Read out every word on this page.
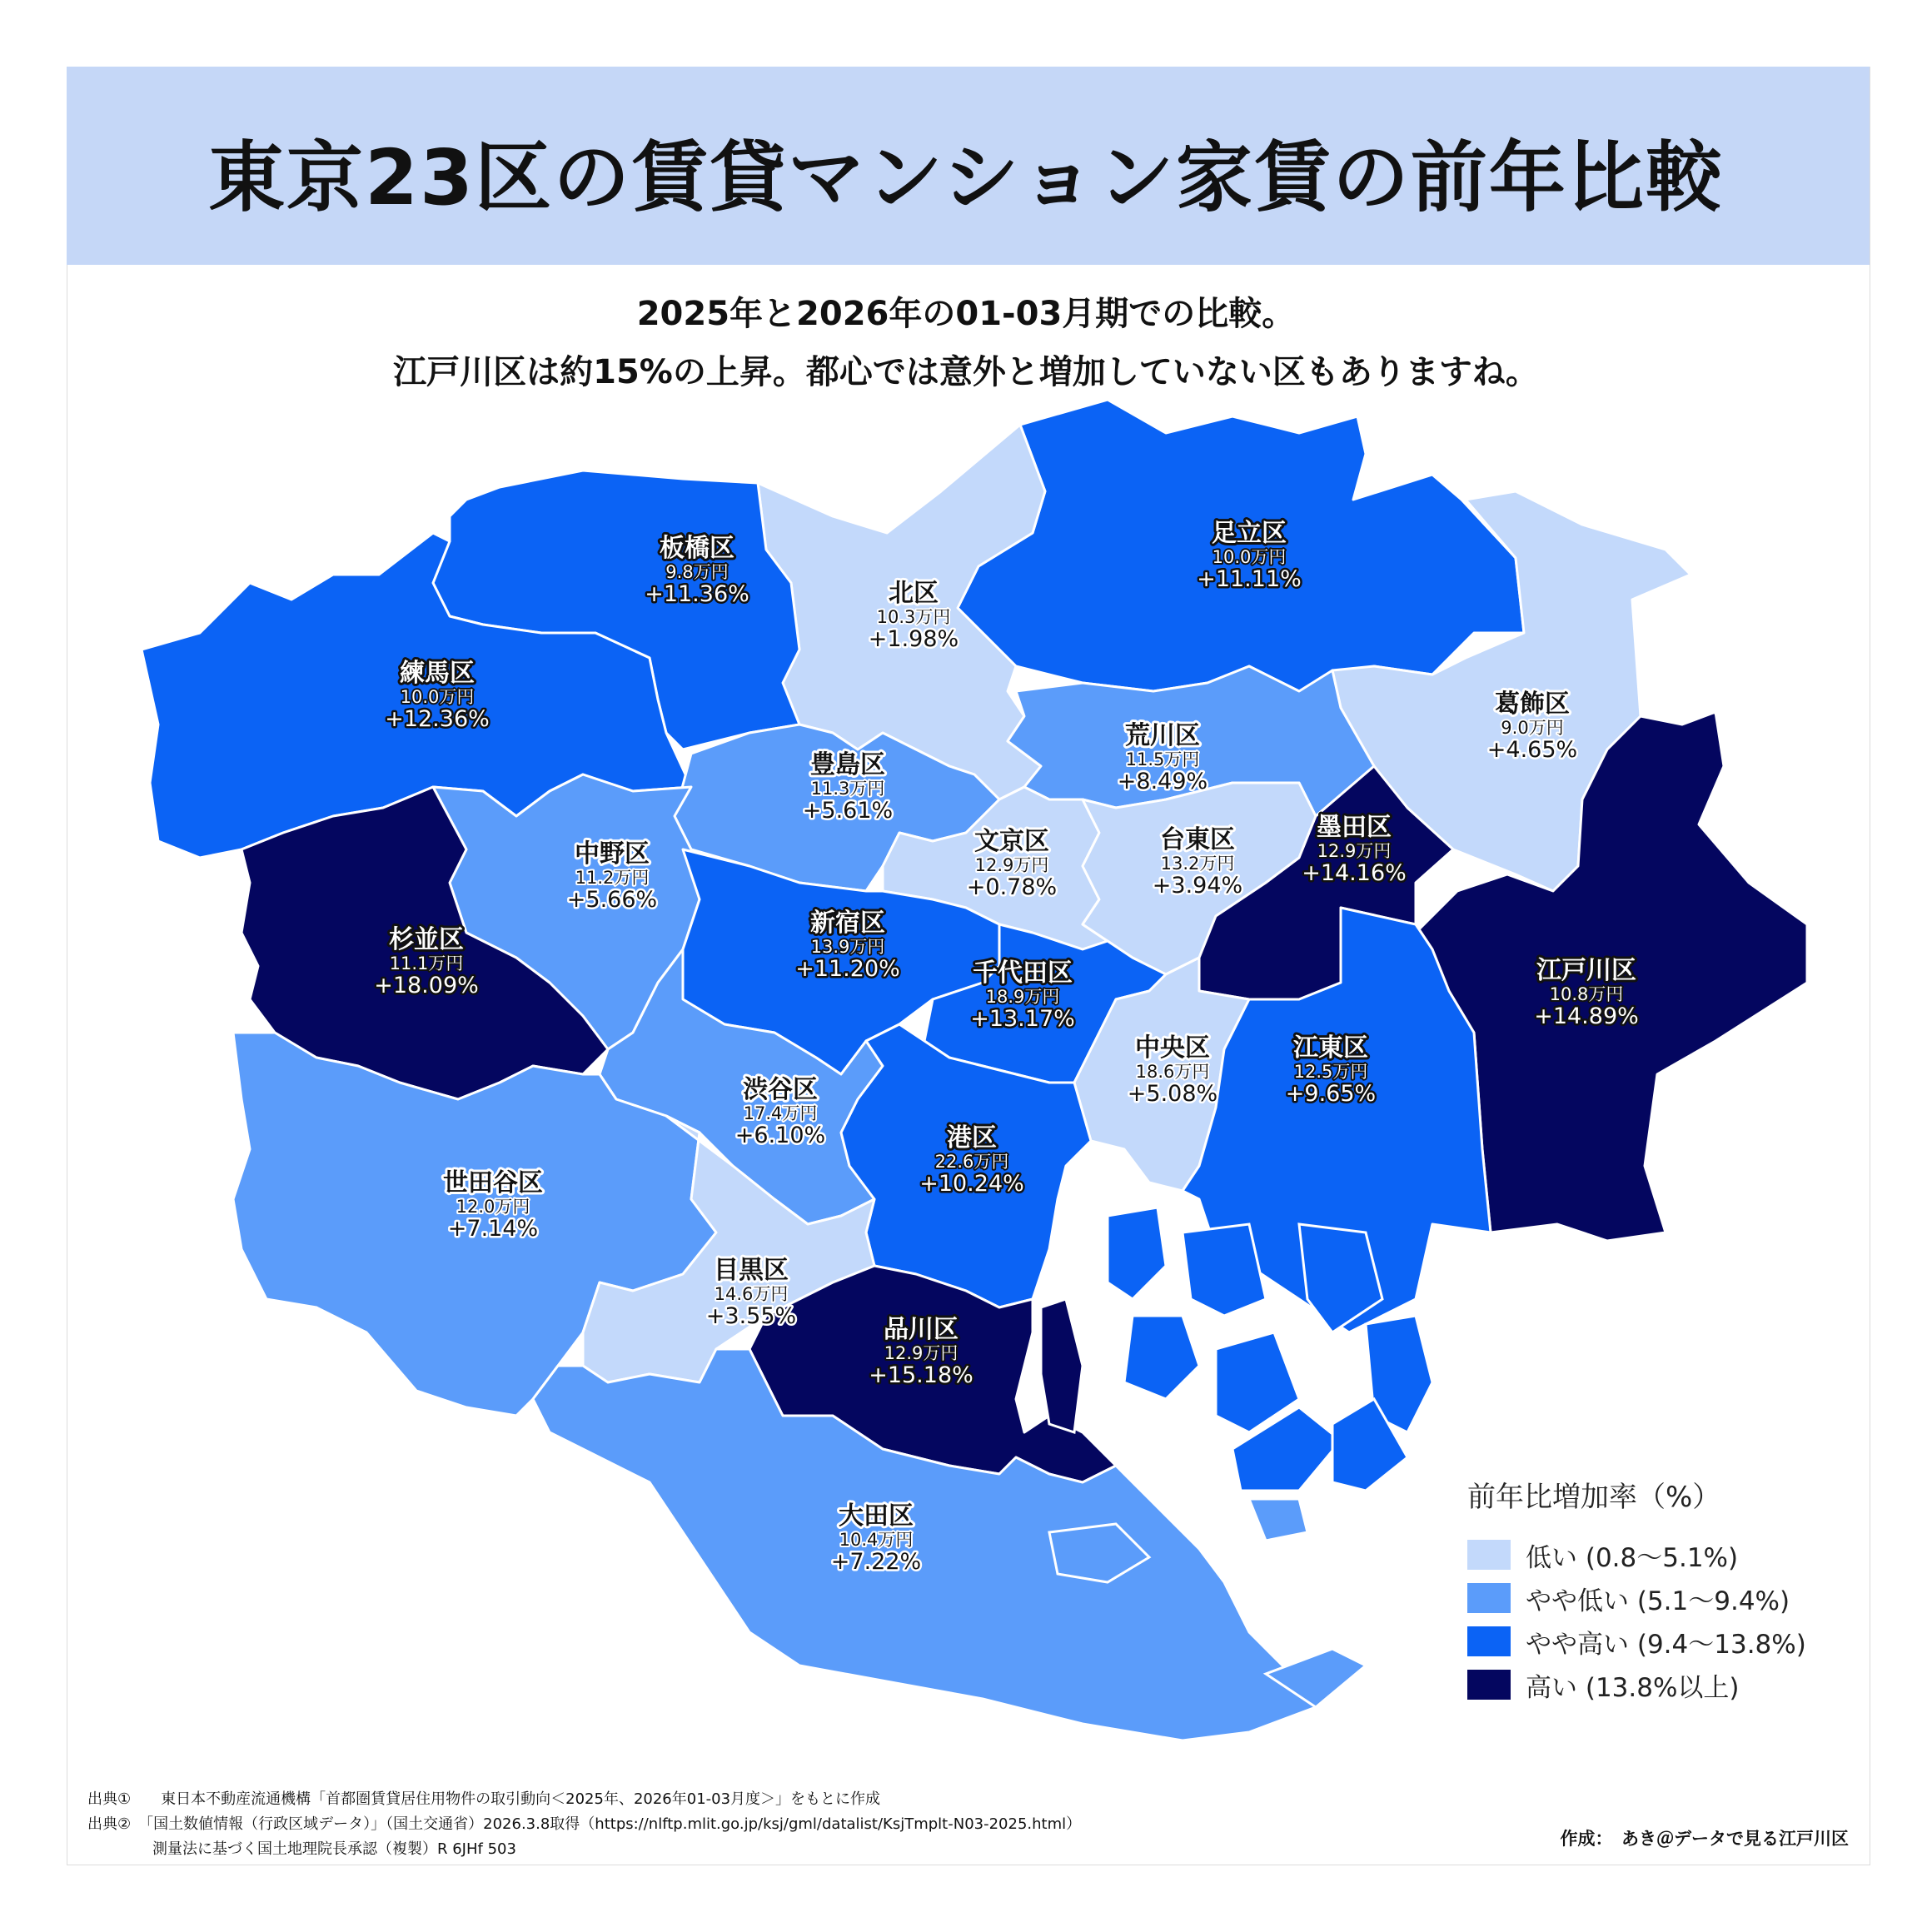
東京23区の賃貸マンション家賃の前年比較
2025年と2026年の01-03月期での比較。
江戸川区は約15%の上昇。都心では意外と増加していない区もありますね。
足立区
10.0万円
+11.11%
葛飾区
9.0万円
+4.65%
江戸川区
10.8万円
+14.89%
北区
10.3万円
+1.98%
板橋区
9.8万円
+11.36%
練馬区
10.0万円
+12.36%
荒川区
11.5万円
+8.49%
豊島区
11.3万円
+5.61%
文京区
12.9万円
+0.78%
台東区
13.2万円
+3.94%
墨田区
12.9万円
+14.16%
中野区
11.2万円
+5.66%
杉並区
11.1万円
+18.09%
新宿区
13.9万円
+11.20%	千代田区
18.9万円
+13.17%
中央区
18.6万円
+5.08%
江東区
12.5万円
+9.65%
渋谷区
17.4万円
+6.10%	港区
22.6万円
+10.24%
世田谷区
12.0万円
+7.14%
目黒区
14.6万円
+3.55%	品川区
12.9万円
+15.18%
大田区
10.4万円
+7.22%
前年比増加率（%）
低い (0.8〜5.1%)
やや低い (5.1〜9.4%)
やや高い (9.4〜13.8%)
高い (13.8%以上)
出典①　　東日本不動産流通機構「首都圏賃貸居住用物件の取引動向＜2025年、2026年01-03月度＞」をもとに作成
出典②　「国土数値情報（行政区域データ）」（国土交通省）2026.3.8取得（https://nlftp.mlit.go.jp/ksj/gml/datalist/KsjTmplt-N03-2025.html）
測量法に基づく国土地理院長承認（複製）R 6JHf 503
作成：　あき＠データで見る江戸川区
